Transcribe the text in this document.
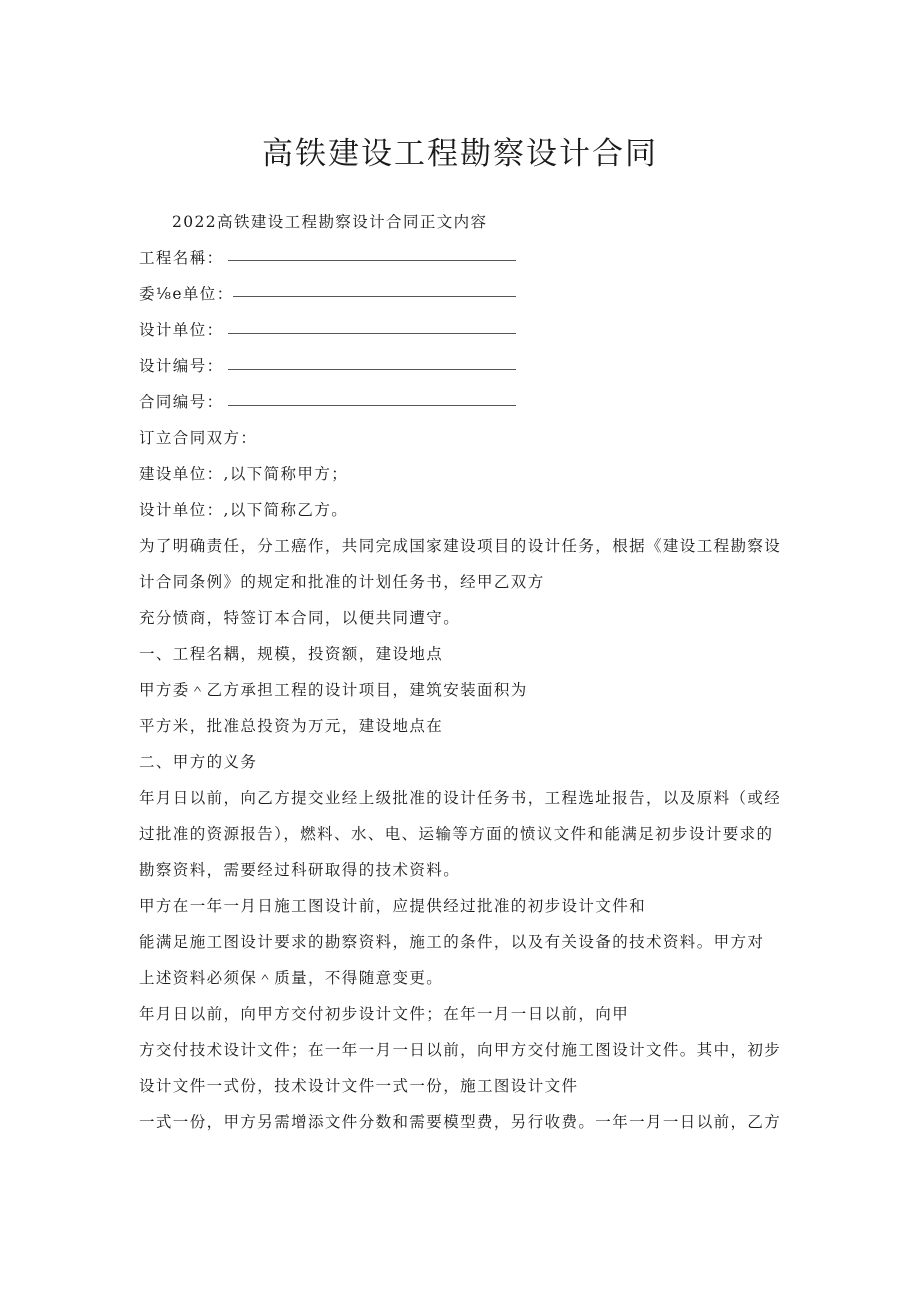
高铁建设工程勘察设计合同
2022高铁建设工程勘察设计合同正文内容
工程名稱：
委⅛e单位：
设计单位：
设计编号：
合同编号：
订立合同双方：
建设单位：,以下简称甲方；
设计单位：,以下简称乙方。
为了明确责任，分工癌作，共同完成国家建设项目的设计任务，根据《建设工程勘察设
计合同条例》的规定和批准的计划任务书，经甲乙双方
充分愤商，特签订本合同，以便共同遭守。
一、工程名耦，规模，投资额，建设地点
甲方委＾乙方承担工程的设计项目，建筑安装面积为
平方米，批准总投资为万元，建设地点在
二、甲方的义务
年月日以前，向乙方提交业经上级批准的设计任务书，工程选址报告，以及原料（或经
过批准的资源报告），燃料、水、电、运输等方面的愤议文件和能满足初步设计要求的
勘察资料，需要经过科研取得的技术资料。
甲方在一年一月日施工图设计前，应提供经过批准的初步设计文件和
能满足施工图设计要求的勘察资料，施工的条件，以及有关设备的技术资料。甲方对
上述资料必须保＾质量，不得随意变更。
年月日以前，向甲方交付初步设计文件；在年一月一日以前，向甲
方交付技术设计文件；在一年一月一日以前，向甲方交付施工图设计文件。其中，初步
设计文件一式份，技术设计文件一式一份，施工图设计文件
一式一份，甲方另需增添文件分数和需要模型费，另行收费。一年一月一日以前，乙方
